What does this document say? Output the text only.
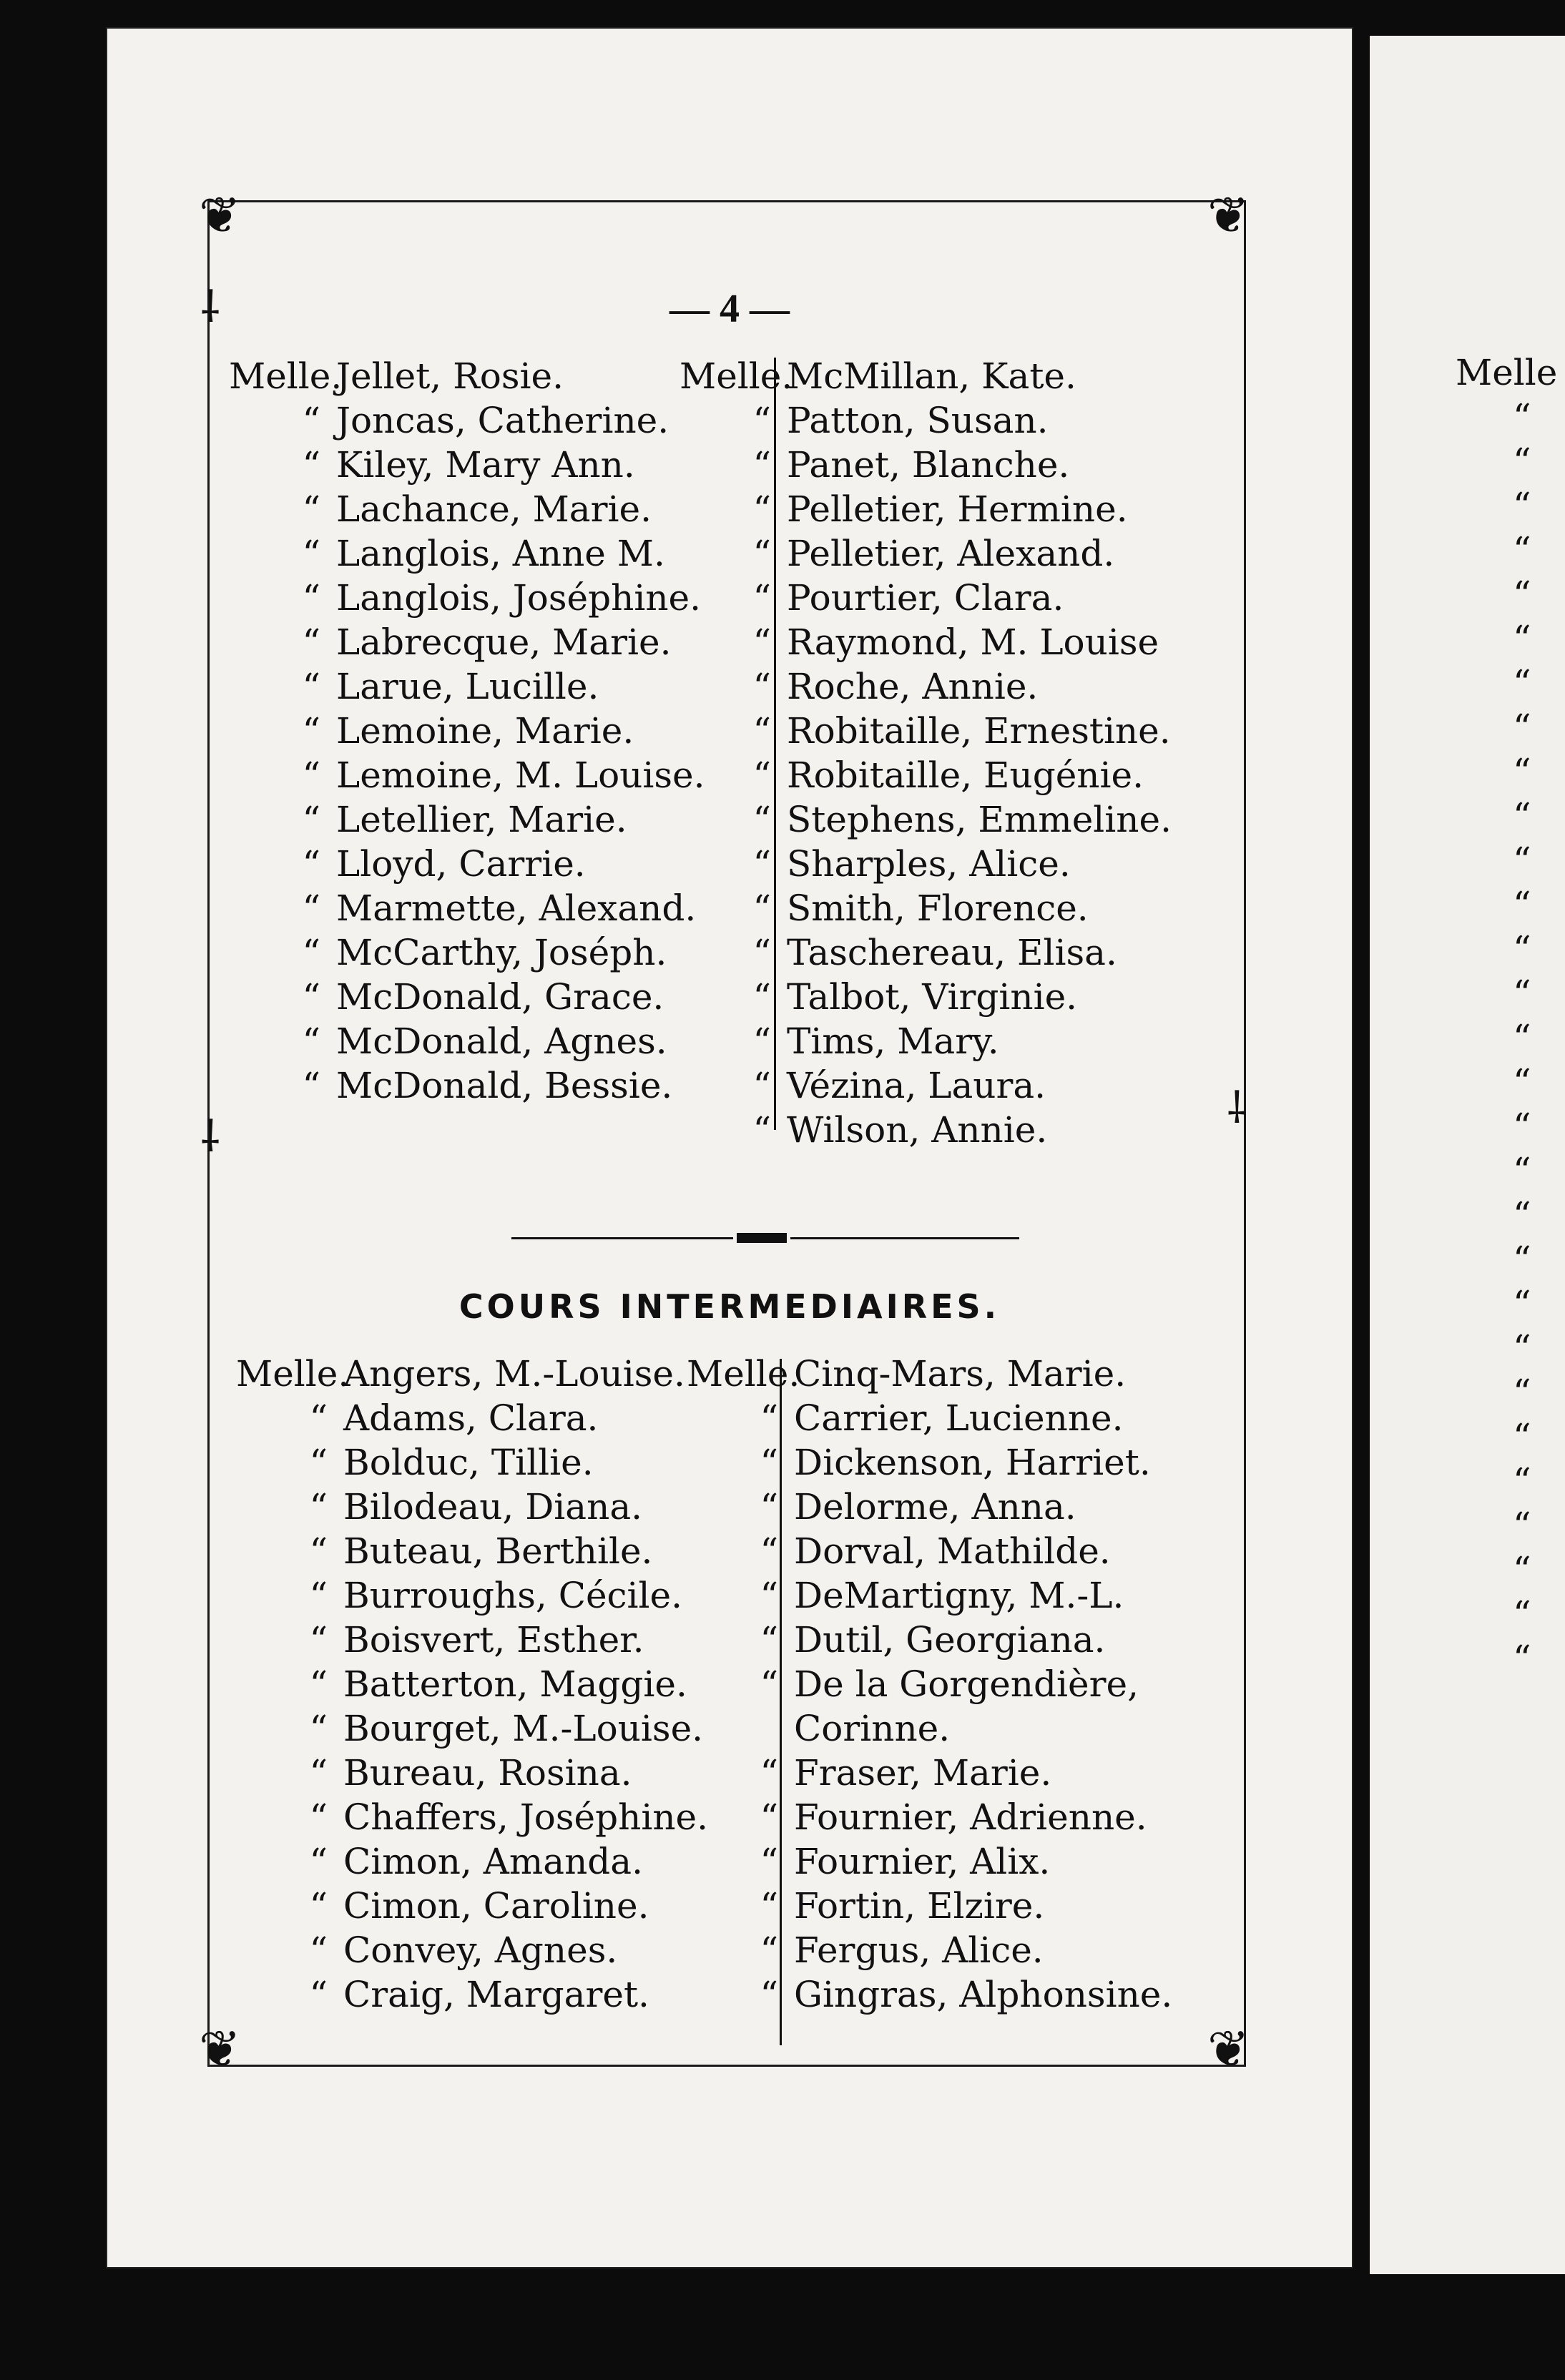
❦	❦
❦	❦
⸸
⸸
⸸
— 4 —
Melle.
Jellet, Rosie.
“ Joncas, Catherine.
“ Kiley, Mary Ann.
“ Lachance, Marie.
“ Langlois, Anne M.
“ Langlois, Joséphine.
“ Labrecque, Marie.
“ Larue, Lucille.
“ Lemoine, Marie.
“ Lemoine, M. Louise.
“ Letellier, Marie.
“ Lloyd, Carrie.
“ Marmette, Alexand.
“ McCarthy, Joséph.
“ McDonald, Grace.
“ McDonald, Agnes.
“ McDonald, Bessie.
Melle.
McMillan, Kate.
“ Patton, Susan.
“ Panet, Blanche.
“ Pelletier, Hermine.
“ Pelletier, Alexand.
“ Pourtier, Clara.
“ Raymond, M. Louise
“ Roche, Annie.
“ Robitaille, Ernestine.
“ Robitaille, Eugénie.
“ Stephens, Emmeline.
“ Sharples, Alice.
“ Smith, Florence.
“ Taschereau, Elisa.
“ Talbot, Virginie.
“ Tims, Mary.
“ Vézina, Laura.
“ Wilson, Annie.
COURS INTERMEDIAIRES.
Melle.
Angers, M.-Louise.
“ Adams, Clara.
“ Bolduc, Tillie.
“ Bilodeau, Diana.
“ Buteau, Berthile.
“ Burroughs, Cécile.
“ Boisvert, Esther.
“ Batterton, Maggie.
“ Bourget, M.-Louise.
“ Bureau, Rosina.
“ Chaffers, Joséphine.
“ Cimon, Amanda.
“ Cimon, Caroline.
“ Convey, Agnes.
“ Craig, Margaret.
Melle.
Cinq-Mars, Marie.
“ Carrier, Lucienne.
“ Dickenson, Harriet.
“ Delorme, Anna.
“ Dorval, Mathilde.
“ DeMartigny, M.-L.
“ Dutil, Georgiana.
“ De la Gorgendière,
Corinne.
“ Fraser, Marie.
“ Fournier, Adrienne.
“ Fournier, Alix.
“ Fortin, Elzire.
“ Fergus, Alice.
“ Gingras, Alphonsine.
Melle
“
“
“
“
“
“
“
“
“
“
“
“
“
“
“
“
“
“
“
“
“
“
“
“
“
“
“
“
“
